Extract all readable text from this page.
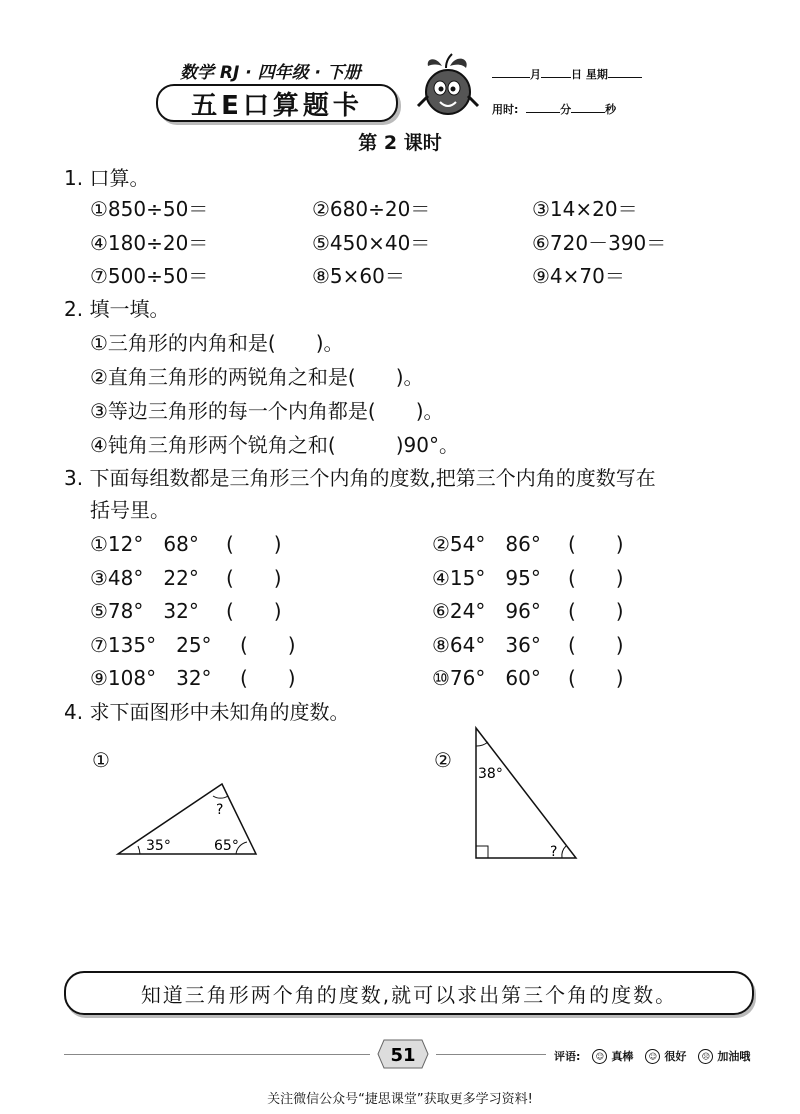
数学 RJ · 四年级 · 下册
五E口算题卡
月	日 星期
用时:	分	秒
第 2 课时
1. 口算。
①850÷50＝	②680÷20＝	③14×20＝
④180÷20＝	⑤450×40＝	⑥720－390＝
⑦500÷50＝	⑧5×60＝	⑨4×70＝
2. 填一填。
①三角形的内角和是(　　)。
②直角三角形的两锐角之和是(　　)。
③等边三角形的每一个内角都是(　　)。
④钝角三角形两个锐角之和(　　　)90°。
3. 下面每组数都是三角形三个内角的度数,把第三个内角的度数写在
括号里。
①12°　68° (　　)	②54°　86° (　　)
③48°　22° (　　)	④15°　95° (　　)
⑤78°　32° (　　)	⑥24°　96° (　　)
⑦135°　25° (　　)	⑧64°　36° (　　)
⑨108°　32° (　　)	⑩76°　60° (　　)
4. 求下面图形中未知角的度数。
①
35°	65°
?
②
38°
?
知道三角形两个角的度数,就可以求出第三个角的度数。
51	评语:	☺ 真棒	☺ 很好	☹ 加油哦
关注微信公众号“捷思课堂”获取更多学习资料!
